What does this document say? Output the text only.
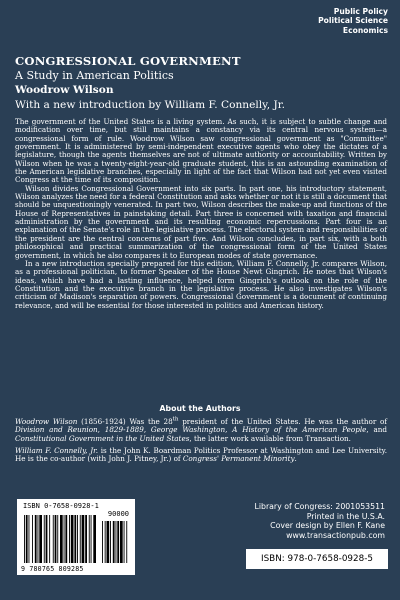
Public Policy
Political Science
Economics
CONGRESSIONAL GOVERNMENT
A Study in American Politics
Woodrow Wilson
With a new introduction by William F. Connelly, Jr.

The government of the United States is a living system. As such, it is subject to subtle change and modification over time, but still maintains a constancy via its central nervous system—a congressional form of rule. Woodrow Wilson saw congressional government as "Committee" government. It is administered by semi-independent executive agents who obey the dictates of a legislature, though the agents themselves are not of ultimate authority or accountability. Written by Wilson when he was a twenty-eight-year-old graduate student, this is an astounding examination of the American legislative branches, especially in light of the fact that Wilson had not yet even visited Congress at the time of its composition.

Wilson divides Congressional Government into six parts. In part one, his introductory statement, Wilson analyzes the need for a federal Constitution and asks whether or not it is still a document that should be unquestioningly venerated. In part two, Wilson describes the make-up and functions of the House of Representatives in painstaking detail. Part three is concerned with taxation and financial administration by the government and its resulting economic repercussions. Part four is an explanation of the Senate's role in the legislative process. The electoral system and responsibilities of the president are the central concerns of part five. And Wilson concludes, in part six, with a both philosophical and practical summarization of the congressional form of the United States government, in which he also compares it to European modes of state governance.

In a new introduction specially prepared for this edition, William F. Connelly, Jr. compares Wilson, as a professional politician, to former Speaker of the House Newt Gingrich. He notes that Wilson's ideas, which have had a lasting influence, helped form Gingrich's outlook on the role of the Constitution and the executive branch in the legislative process. He also investigates Wilson's criticism of Madison's separation of powers. Congressional Government is a document of continuing relevance, and will be essential for those interested in politics and American history.

About the Authors

Woodrow Wilson (1856-1924) Was the 28th president of the United States. He was the author of Division and Reunion, 1829-1889, George Washington, A History of the American People, and Constitutional Government in the United States, the latter work available from Transaction.

William F. Connelly, Jr. is the John K. Boardman Politics Professor at Washington and Lee University. He is the co-author (with John J. Pitney, Jr.) of Congress' Permanent Minority.

ISBN 0-7658-0928-1
90000
9 780765 809285
Library of Congress: 2001053511
Printed in the U.S.A.
Cover design by Ellen F. Kane
www.transactionpub.com
ISBN: 978-0-7658-0928-5
